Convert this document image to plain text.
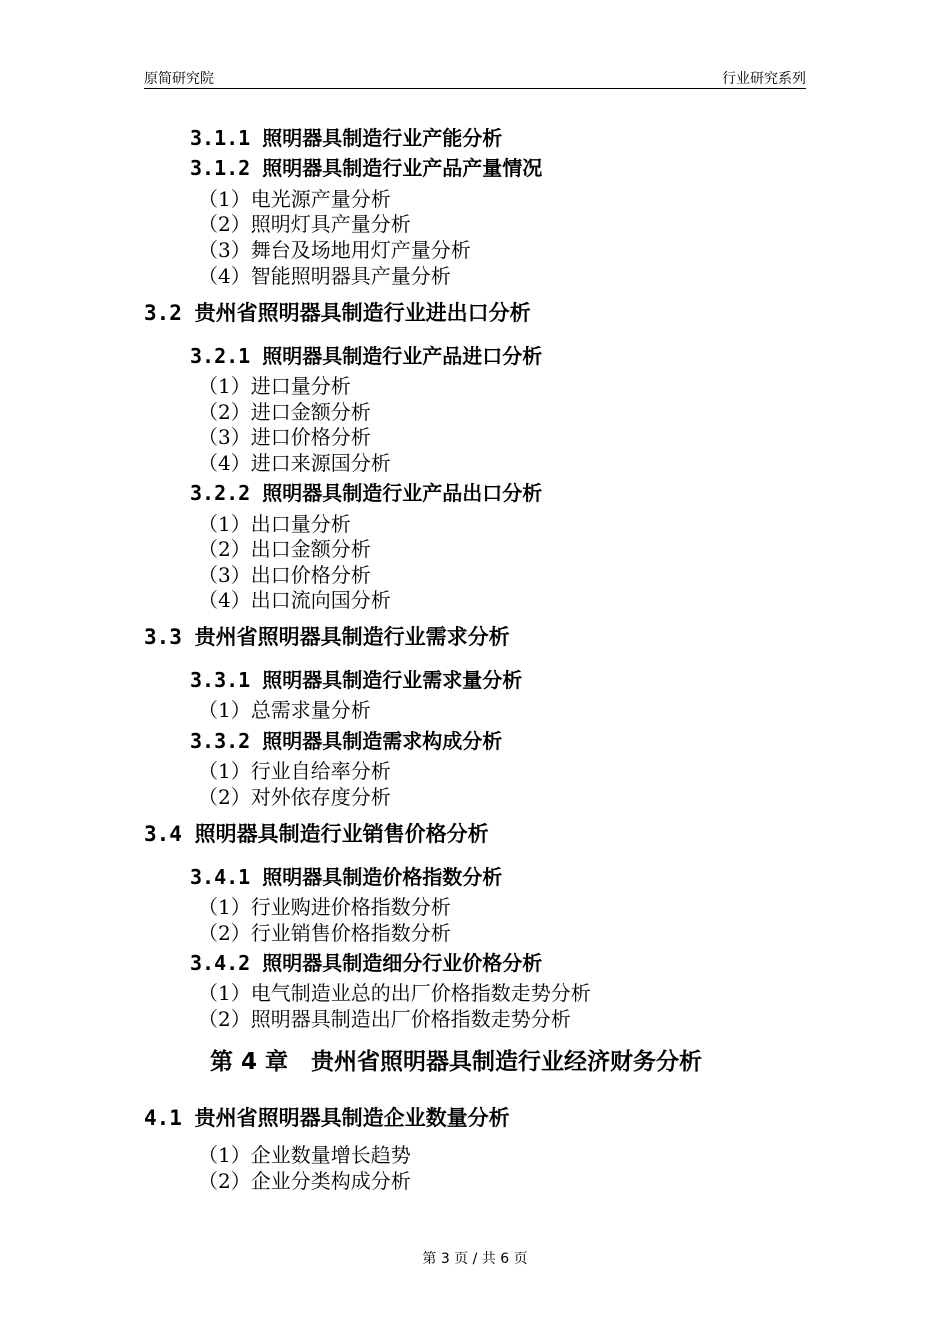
原简研究院	行业研究系列
3.1.1 照明器具制造行业产能分析
3.1.2 照明器具制造行业产品产量情况
（1）电光源产量分析
（2）照明灯具产量分析
（3）舞台及场地用灯产量分析
（4）智能照明器具产量分析
3.2 贵州省照明器具制造行业进出口分析
3.2.1 照明器具制造行业产品进口分析
（1）进口量分析
（2）进口金额分析
（3）进口价格分析
（4）进口来源国分析
3.2.2 照明器具制造行业产品出口分析
（1）出口量分析
（2）出口金额分析
（3）出口价格分析
（4）出口流向国分析
3.3 贵州省照明器具制造行业需求分析
3.3.1 照明器具制造行业需求量分析
（1）总需求量分析
3.3.2 照明器具制造需求构成分析
（1）行业自给率分析
（2）对外依存度分析
3.4 照明器具制造行业销售价格分析
3.4.1 照明器具制造价格指数分析
（1）行业购进价格指数分析
（2）行业销售价格指数分析
3.4.2 照明器具制造细分行业价格分析
（1）电气制造业总的出厂价格指数走势分析
（2）照明器具制造出厂价格指数走势分析
第 4 章　贵州省照明器具制造行业经济财务分析
4.1 贵州省照明器具制造企业数量分析
（1）企业数量增长趋势
（2）企业分类构成分析
第 3 页 / 共 6 页
